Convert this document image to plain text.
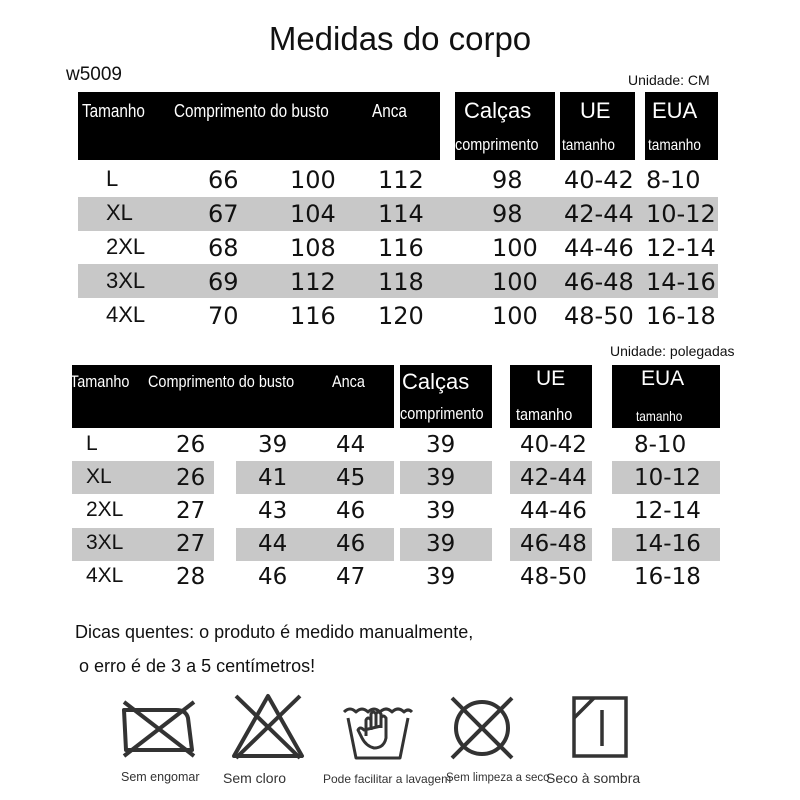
Medidas do corpo
w5009	Unidade: CM
Tamanho Comprimento do busto Anca	Calças
comprimento
UE
tamanho
EUA
tamanho
L	66 100 112	98 40-42 8-10
XL	67 104 114	98 42-44 10-12
2XL	68 108 116	100 44-46 12-14
3XL	69 112 118	100 46-48 14-16
4XL	70 116 120	100 48-50 16-18
Unidade: polegadas
Tamanho Comprimento do busto Anca Calças
comprimento
UE
tamanho
EUA
tamanho
L	26 39 44	39	40-42 8-10
XL	26 41 45	39	42-44 10-12
2XL 27 43 46	39	44-46 12-14
3XL 27 44 46	39	46-48 14-16
4XL 28 46 47	39	48-50 16-18
Dicas quentes: o produto é medido manualmente,
o erro é de 3 a 5 centímetros!
Sem engomar Sem cloro	Pode facilitar a lavagem
Sem limpeza a seco
Seco à sombra
